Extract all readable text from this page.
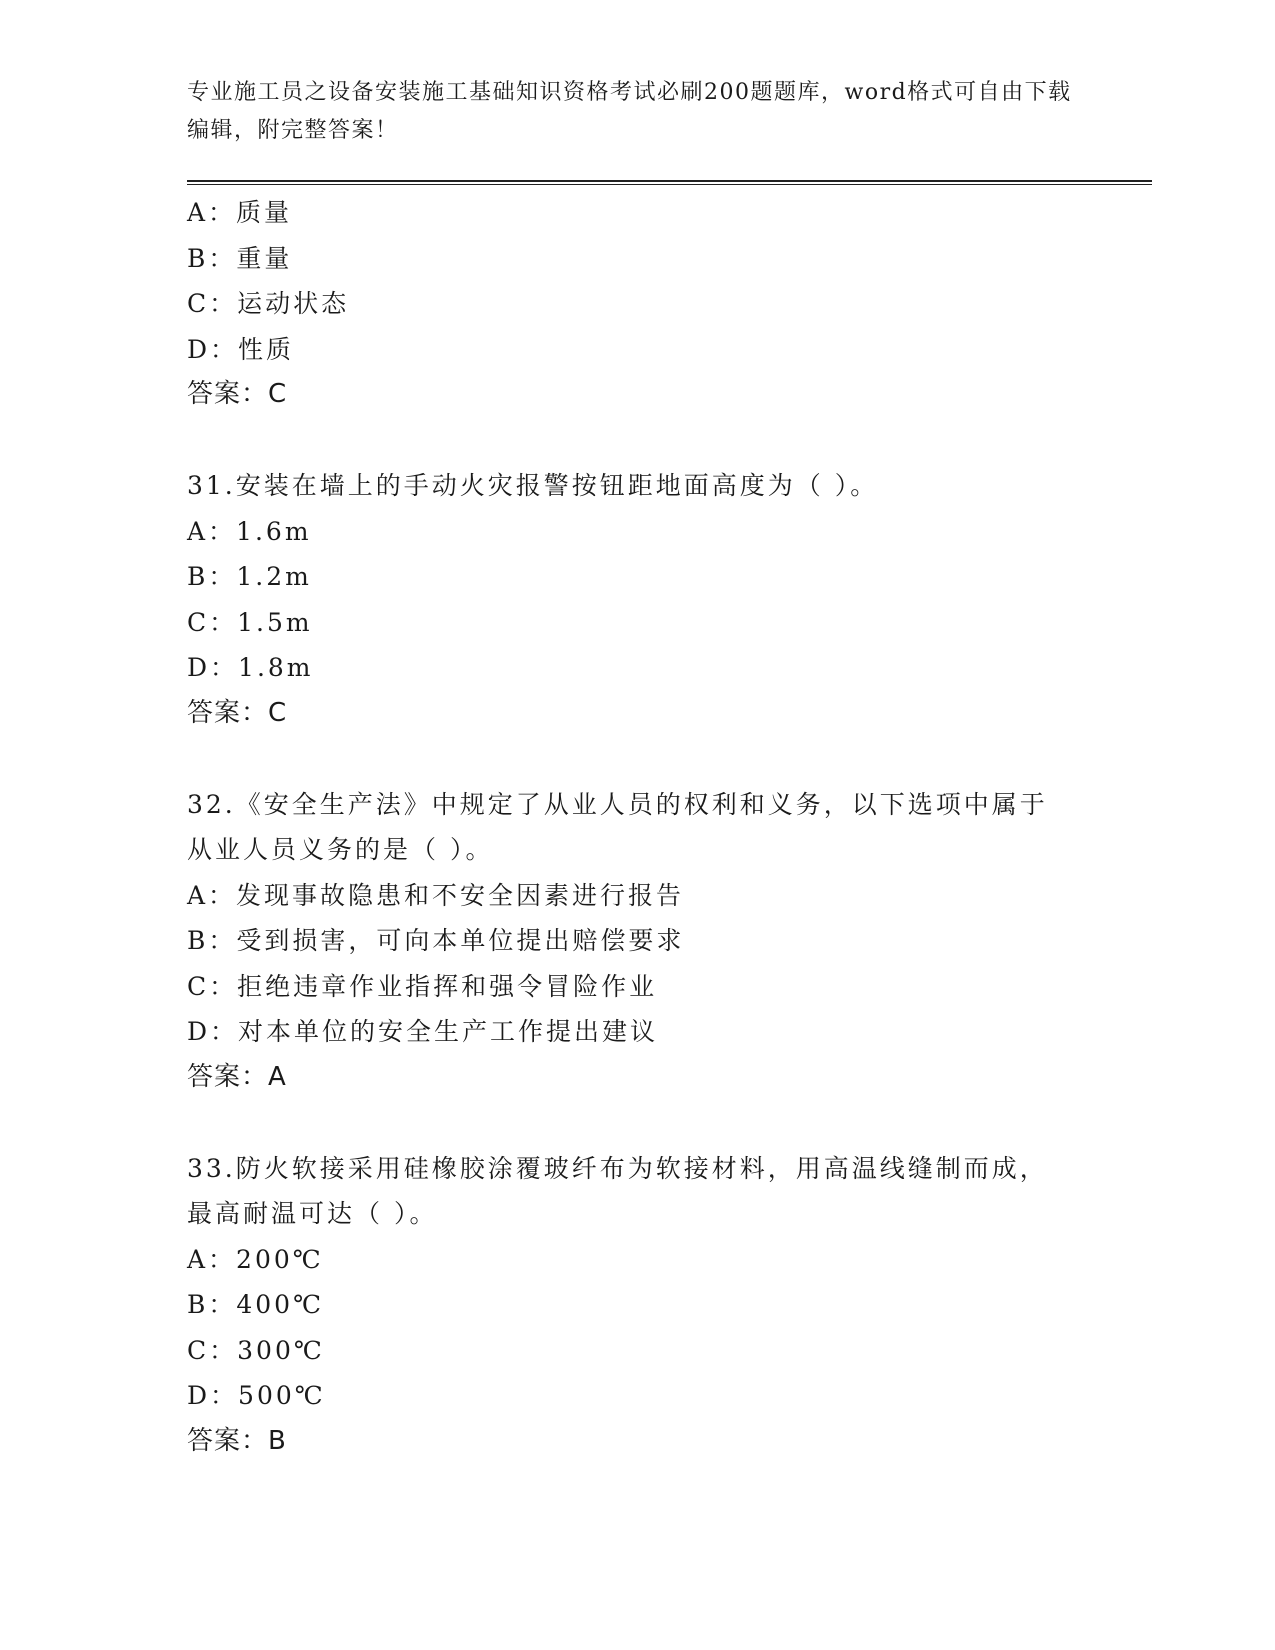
专业施工员之设备安装施工基础知识资格考试必刷200题题库，word格式可自由下载编辑，附完整答案！
A：质量
B：重量
C：运动状态
D：性质
答案：C
31.安装在墙上的手动火灾报警按钮距地面高度为（ ）。
A：1.6m
B：1.2m
C：1.5m
D：1.8m
答案：C
32.《安全生产法》中规定了从业人员的权利和义务，以下选项中属于从业人员义务的是（ ）。
A：发现事故隐患和不安全因素进行报告
B：受到损害，可向本单位提出赔偿要求
C：拒绝违章作业指挥和强令冒险作业
D：对本单位的安全生产工作提出建议
答案：A
33.防火软接采用硅橡胶涂覆玻纤布为软接材料，用高温线缝制而成，最高耐温可达（ ）。
A：200℃
B：400℃
C：300℃
D：500℃
答案：B
